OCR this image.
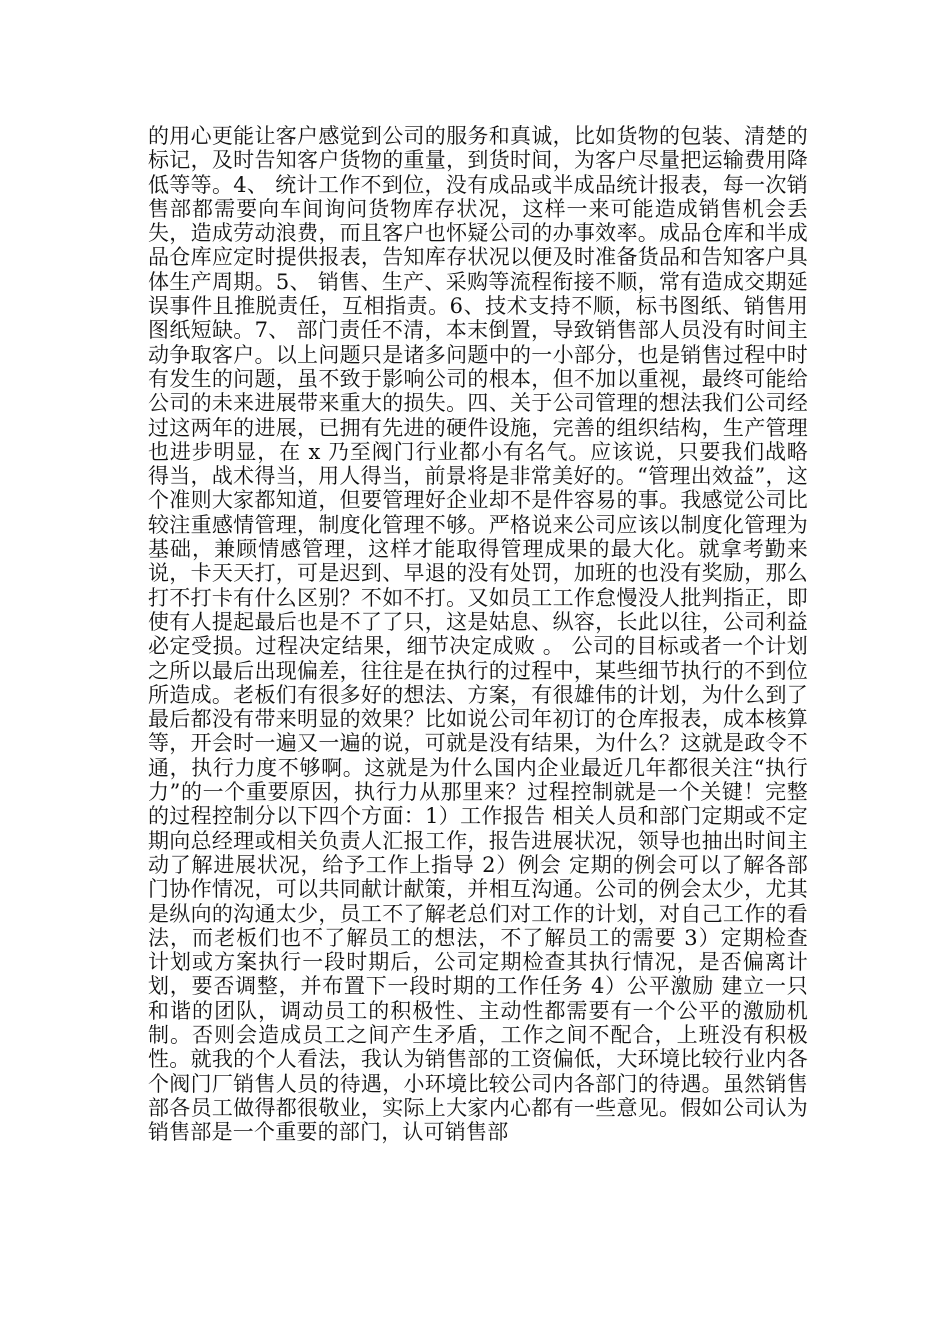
的用心更能让客户感觉到公司的服务和真诚，比如货物的包装、清楚的标记，及时告知客户货物的重量，到货时间，为客户尽量把运输费用降低等等。4、 统计工作不到位，没有成品或半成品统计报表，每一次销售部都需要向车间询问货物库存状况，这样一来可能造成销售机会丢失，造成劳动浪费，而且客户也怀疑公司的办事效率。成品仓库和半成品仓库应定时提供报表，告知库存状况以便及时准备货品和告知客户具体生产周期。5、 销售、生产、采购等流程衔接不顺，常有造成交期延误事件且推脱责任，互相指责。6、技术支持不顺，标书图纸、销售用图纸短缺。7、 部门责任不清，本末倒置，导致销售部人员没有时间主动争取客户。以上问题只是诸多问题中的一小部分，也是销售过程中时有发生的问题，虽不致于影响公司的根本，但不加以重视，最终可能给公司的未来进展带来重大的损失。四、关于公司管理的想法我们公司经过这两年的进展，已拥有先进的硬件设施，完善的组织结构，生产管理也进步明显，在 x 乃至阀门行业都小有名气。应该说，只要我们战略得当，战术得当，用人得当，前景将是非常美好的。“管理出效益”，这个准则大家都知道，但要管理好企业却不是件容易的事。我感觉公司比较注重感情管理，制度化管理不够。严格说来公司应该以制度化管理为基础，兼顾情感管理，这样才能取得管理成果的最大化。就拿考勤来说，卡天天打，可是迟到、早退的没有处罚，加班的也没有奖励，那么打不打卡有什么区别？不如不打。又如员工工作怠慢没人批判指正，即使有人提起最后也是不了了只，这是姑息、纵容，长此以往，公司利益必定受损。过程决定结果，细节决定成败 。 公司的目标或者一个计划之所以最后出现偏差，往往是在执行的过程中，某些细节执行的不到位所造成。老板们有很多好的想法、方案，有很雄伟的计划，为什么到了最后都没有带来明显的效果？比如说公司年初订的仓库报表，成本核算等，开会时一遍又一遍的说，可就是没有结果，为什么？这就是政令不通，执行力度不够啊。这就是为什么国内企业最近几年都很关注“执行力”的一个重要原因，执行力从那里来？过程控制就是一个关键！完整的过程控制分以下四个方面：1）工作报告 相关人员和部门定期或不定期向总经理或相关负责人汇报工作，报告进展状况，领导也抽出时间主动了解进展状况，给予工作上指导 2）例会 定期的例会可以了解各部门协作情况，可以共同献计献策，并相互沟通。公司的例会太少，尤其是纵向的沟通太少，员工不了解老总们对工作的计划，对自己工作的看法，而老板们也不了解员工的想法，不了解员工的需要 3）定期检查 计划或方案执行一段时期后，公司定期检查其执行情况，是否偏离计划，要否调整，并布置下一段时期的工作任务 4）公平激励 建立一只和谐的团队，调动员工的积极性、主动性都需要有一个公平的激励机制。否则会造成员工之间产生矛盾，工作之间不配合，上班没有积极性。就我的个人看法，我认为销售部的工资偏低，大环境比较行业内各个阀门厂销售人员的待遇，小环境比较公司内各部门的待遇。虽然销售部各员工做得都很敬业，实际上大家内心都有一些意见。假如公司认为销售部是一个重要的部门，认可销售部
